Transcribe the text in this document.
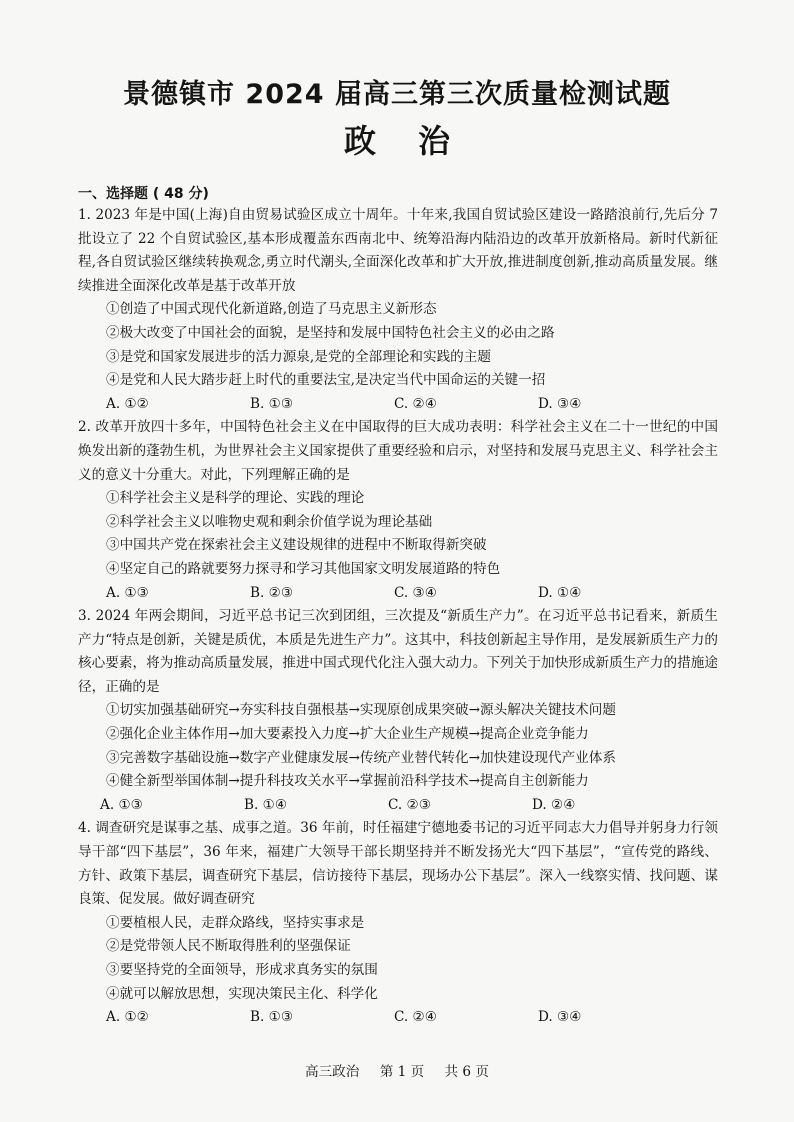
景德镇市 2024 届高三第三次质量检测试题
政治
一、选择题 ( 48 分)
1. 2023 年是中国(上海)自由贸易试验区成立十周年。十年来,我国自贸试验区建设一路踏浪前行,先后分 7 批设立了 22 个自贸试验区,基本形成覆盖东西南北中、统筹沿海内陆沿边的改革开放新格局。新时代新征程,各自贸试验区继续转换观念,勇立时代潮头,全面深化改革和扩大开放,推进制度创新,推动高质量发展。继续推进全面深化改革是基于改革开放
①创造了中国式现代化新道路,创造了马克思主义新形态
②极大改变了中国社会的面貌，是坚持和发展中国特色社会主义的必由之路
③是党和国家发展进步的活力源泉,是党的全部理论和实践的主题
④是党和人民大踏步赶上时代的重要法宝,是决定当代中国命运的关键一招
A. ①②	B. ①③	C. ②④	D. ③④
2. 改革开放四十多年，中国特色社会主义在中国取得的巨大成功表明：科学社会主义在二十一世纪的中国焕发出新的蓬勃生机，为世界社会主义国家提供了重要经验和启示，对坚持和发展马克思主义、科学社会主义的意义十分重大。对此，下列理解正确的是
①科学社会主义是科学的理论、实践的理论
②科学社会主义以唯物史观和剩余价值学说为理论基础
③中国共产党在探索社会主义建设规律的进程中不断取得新突破
④坚定自己的路就要努力探寻和学习其他国家文明发展道路的特色
A. ①③	B. ②③	C. ③④	D. ①④
3. 2024 年两会期间，习近平总书记三次到团组，三次提及“新质生产力”。在习近平总书记看来，新质生产力“特点是创新，关键是质优，本质是先进生产力”。这其中，科技创新起主导作用，是发展新质生产力的核心要素，将为推动高质量发展，推进中国式现代化注入强大动力。下列关于加快形成新质生产力的措施途径，正确的是
①切实加强基础研究→夯实科技自强根基→实现原创成果突破→源头解决关键技术问题
②强化企业主体作用→加大要素投入力度→扩大企业生产规模→提高企业竞争能力
③完善数字基础设施→数字产业健康发展→传统产业替代转化→加快建设现代产业体系
④健全新型举国体制→提升科技攻关水平→掌握前沿科学技术→提高自主创新能力
A. ①③	B. ①④	C. ②③	D. ②④
4. 调查研究是谋事之基、成事之道。36 年前，时任福建宁德地委书记的习近平同志大力倡导并躬身力行领导干部“四下基层”，36 年来，福建广大领导干部长期坚持并不断发扬光大“四下基层”，“宣传党的路线、方针、政策下基层，调查研究下基层，信访接待下基层，现场办公下基层”。深入一线察实情、找问题、谋良策、促发展。做好调查研究
①要植根人民，走群众路线，坚持实事求是
②是党带领人民不断取得胜利的坚强保证
③要坚持党的全面领导，形成求真务实的氛围
④就可以解放思想，实现决策民主化、科学化
A. ①②	B. ①③	C. ②④	D. ③④
高三政治 第 1 页 共 6 页
